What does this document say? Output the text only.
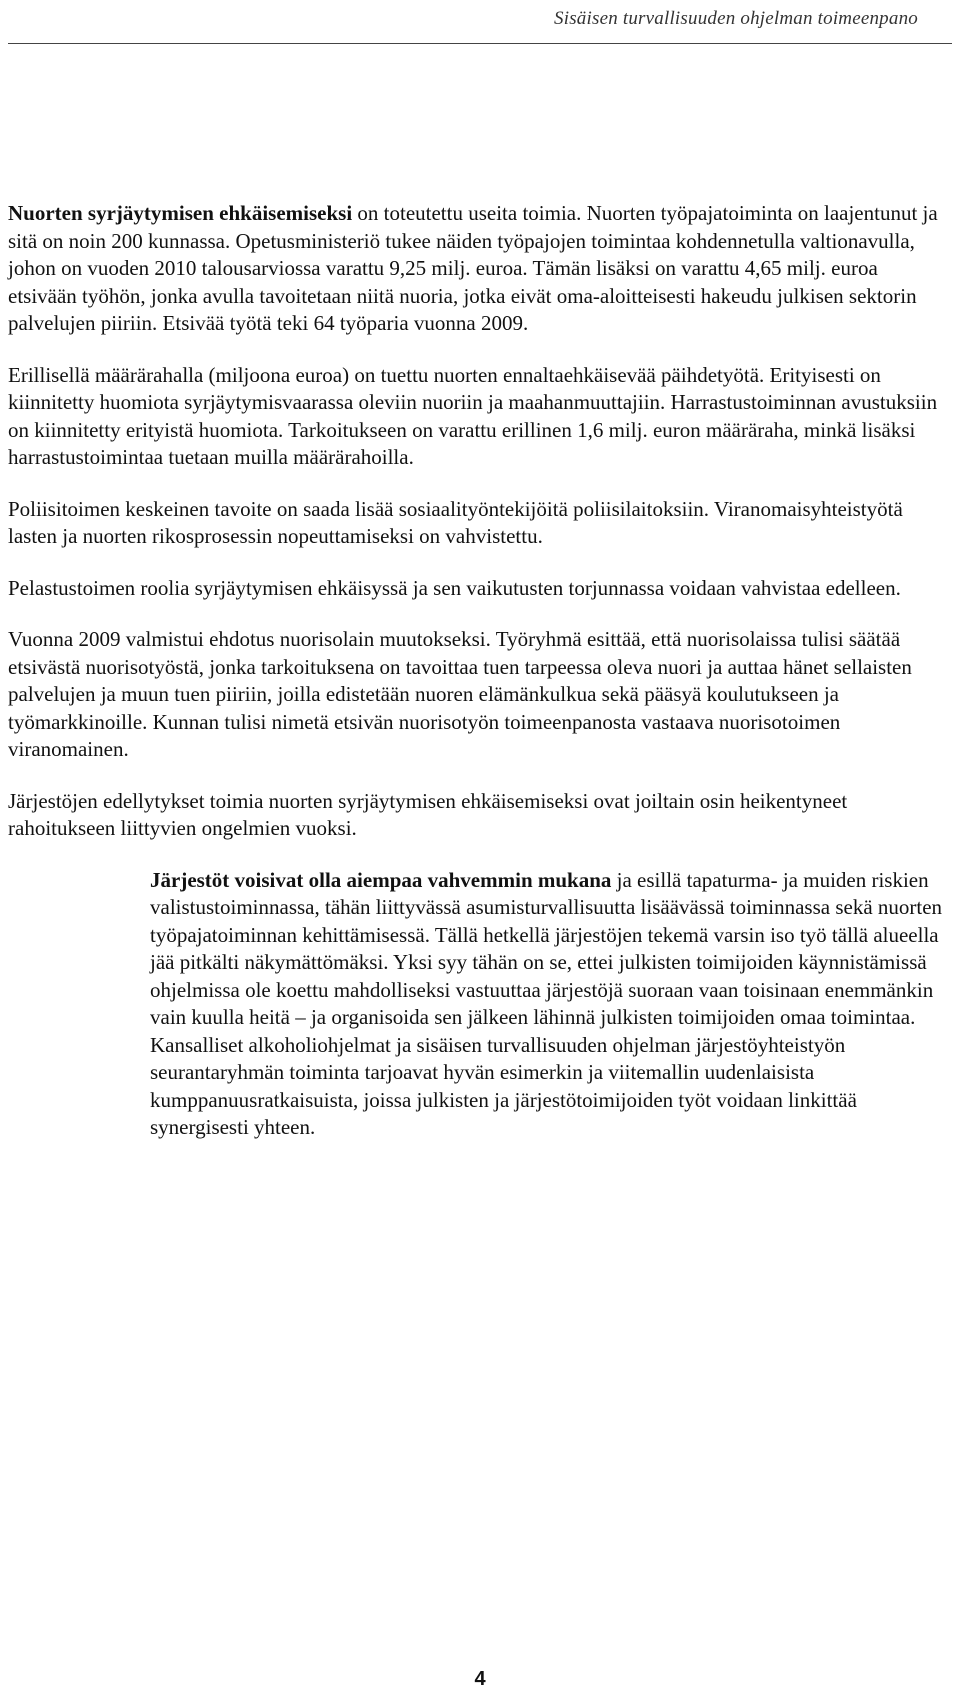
Sisäisen turvallisuuden ohjelman toimeenpano

Nuorten syrjäytymisen ehkäisemiseksi on toteutettu useita toimia. Nuorten työpajatoiminta on laajentunut ja sitä on noin 200 kunnassa. Opetusministeriö tukee näiden työpajojen toimintaa kohdennetulla valtionavulla, johon on vuoden 2010 talousarviossa varattu 9,25 milj. euroa. Tämän lisäksi on varattu 4,65 milj. euroa etsivään työhön, jonka avulla tavoitetaan niitä nuoria, jotka eivät oma-aloitteisesti hakeudu julkisen sektorin palvelujen piiriin. Etsivää työtä teki 64 työparia vuonna 2009.

Erillisellä määrärahalla (miljoona euroa) on tuettu nuorten ennaltaehkäisevää päihdetyötä. Erityisesti on kiinnitetty huomiota syrjäytymisvaarassa oleviin nuoriin ja maahanmuuttajiin. Harrastustoiminnan avustuksiin on kiinnitetty erityistä huomiota. Tarkoitukseen on varattu erillinen 1,6 milj. euron määräraha, minkä lisäksi harrastustoimintaa tuetaan muilla määrärahoilla.

Poliisitoimen keskeinen tavoite on saada lisää sosiaalityöntekijöitä poliisilaitoksiin. Viranomaisyhteistyötä lasten ja nuorten rikosprosessin nopeuttamiseksi on vahvistettu.

Pelastustoimen roolia syrjäytymisen ehkäisyssä ja sen vaikutusten torjunnassa voidaan vahvistaa edelleen.

Vuonna 2009 valmistui ehdotus nuorisolain muutokseksi. Työryhmä esittää, että nuorisolaissa tulisi säätää etsivästä nuorisotyöstä, jonka tarkoituksena on tavoittaa tuen tarpeessa oleva nuori ja auttaa hänet sellaisten palvelujen ja muun tuen piiriin, joilla edistetään nuoren elämänkulkua sekä pääsyä koulutukseen ja työmarkkinoille. Kunnan tulisi nimetä etsivän nuorisotyön toimeenpanosta vastaava nuorisotoimen viranomainen.

Järjestöjen edellytykset toimia nuorten syrjäytymisen ehkäisemiseksi ovat joiltain osin heikentyneet rahoitukseen liittyvien ongelmien vuoksi.

Järjestöt voisivat olla aiempaa vahvemmin mukana ja esillä tapaturma- ja muiden riskien valistustoiminnassa, tähän liittyvässä asumisturvallisuutta lisäävässä toiminnassa sekä nuorten työpajatoiminnan kehittämisessä. Tällä hetkellä järjestöjen tekemä varsin iso työ tällä alueella jää pitkälti näkymättömäksi. Yksi syy tähän on se, ettei julkisten toimijoiden käynnistämissä ohjelmissa ole koettu mahdolliseksi vastuuttaa järjestöjä suoraan vaan toisinaan enemmänkin vain kuulla heitä – ja organisoida sen jälkeen lähinnä julkisten toimijoiden omaa toimintaa. Kansalliset alkoholiohjelmat ja sisäisen turvallisuuden ohjelman järjestöyhteistyön seurantaryhmän toiminta tarjoavat hyvän esimerkin ja viitemallin uudenlaisista kumppanuusratkaisuista, joissa julkisten ja järjestötoimijoiden työt voidaan linkittää synergisesti yhteen.

4
